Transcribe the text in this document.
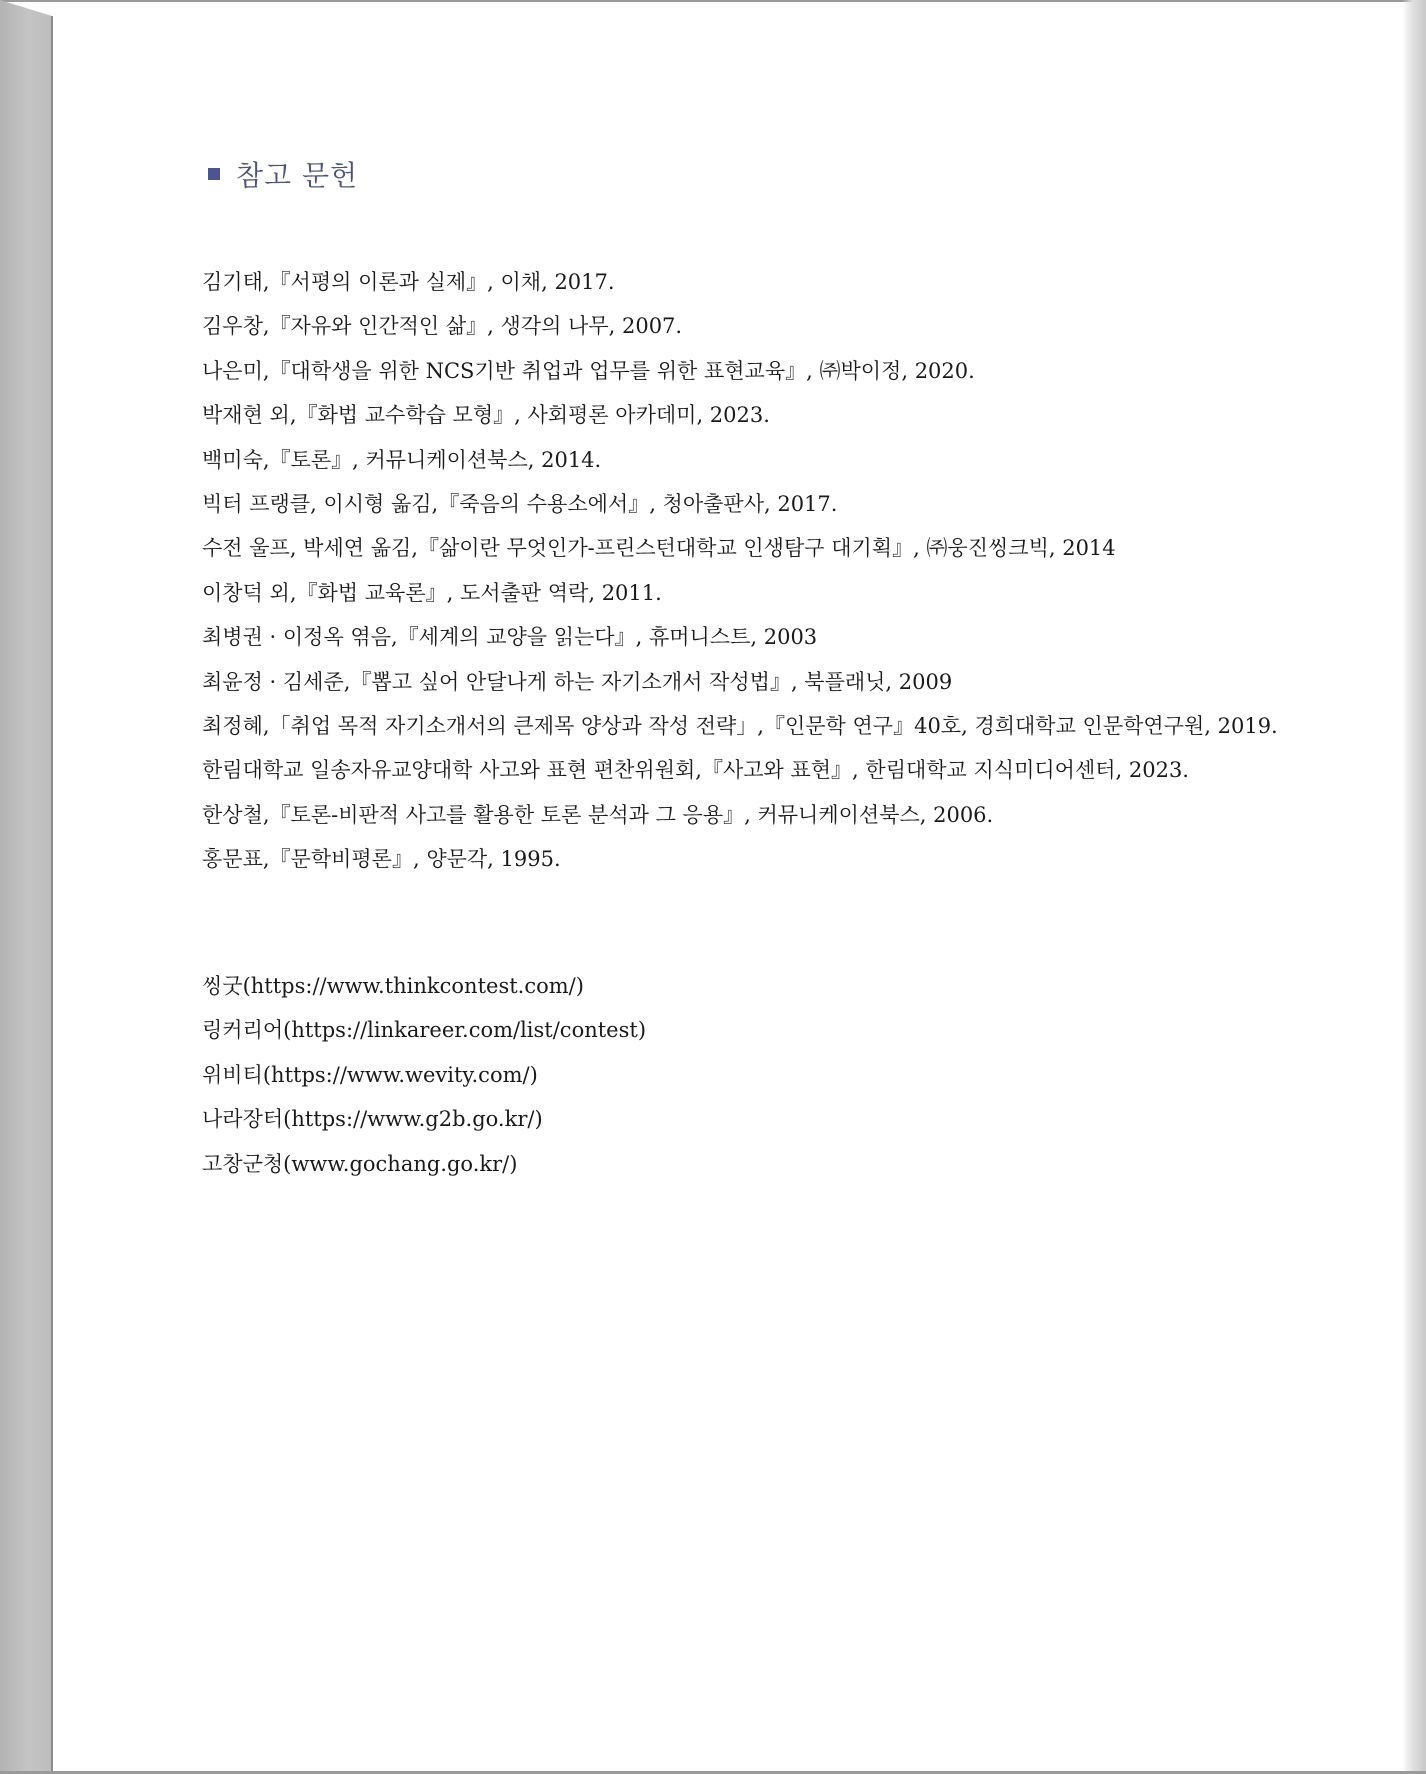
참고 문헌
김기태,『서평의 이론과 실제』, 이채, 2017.
김우창,『자유와 인간적인 삶』, 생각의 나무, 2007.
나은미,『대학생을 위한 NCS기반 취업과 업무를 위한 표현교육』, ㈜박이정, 2020.
박재현 외,『화법 교수학습 모형』, 사회평론 아카데미, 2023.
백미숙,『토론』, 커뮤니케이션북스, 2014.
빅터 프랭클, 이시형 옮김,『죽음의 수용소에서』, 청아출판사, 2017.
수전 울프, 박세연 옮김,『삶이란 무엇인가-프린스턴대학교 인생탐구 대기획』, ㈜웅진씽크빅, 2014
이창덕 외,『화법 교육론』, 도서출판 역락, 2011.
최병권 · 이정옥 엮음,『세계의 교양을 읽는다』, 휴머니스트, 2003
최윤정 · 김세준,『뽑고 싶어 안달나게 하는 자기소개서 작성법』, 북플래닛, 2009
최정혜,「취업 목적 자기소개서의 큰제목 양상과 작성 전략」,『인문학 연구』40호, 경희대학교 인문학연구원, 2019.
한림대학교 일송자유교양대학 사고와 표현 편찬위원회,『사고와 표현』, 한림대학교 지식미디어센터, 2023.
한상철,『토론-비판적 사고를 활용한 토론 분석과 그 응용』, 커뮤니케이션북스, 2006.
홍문표,『문학비평론』, 양문각, 1995.
씽굿(https://www.thinkcontest.com/)
링커리어(https://linkareer.com/list/contest)
위비티(https://www.wevity.com/)
나라장터(https://www.g2b.go.kr/)
고창군청(www.gochang.go.kr/)
